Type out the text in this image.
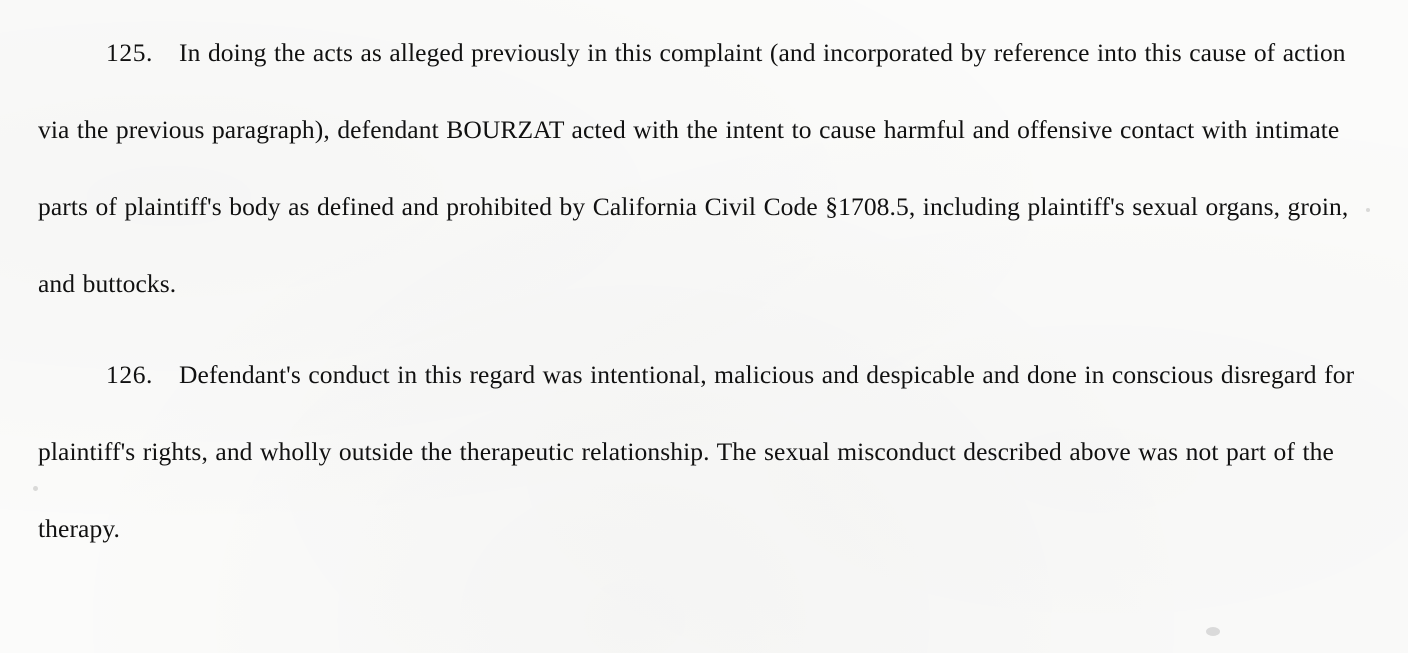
125. In doing the acts as alleged previously in this complaint (and incorporated by reference into this cause of action via the previous paragraph), defendant BOURZAT acted with the intent to cause harmful and offensive contact with intimate parts of plaintiff's body as defined and prohibited by California Civil Code §1708.5, including plaintiff's sexual organs, groin, and buttocks.

126. Defendant's conduct in this regard was intentional, malicious and despicable and done in conscious disregard for plaintiff's rights, and wholly outside the therapeutic relationship. The sexual misconduct described above was not part of the therapy.
